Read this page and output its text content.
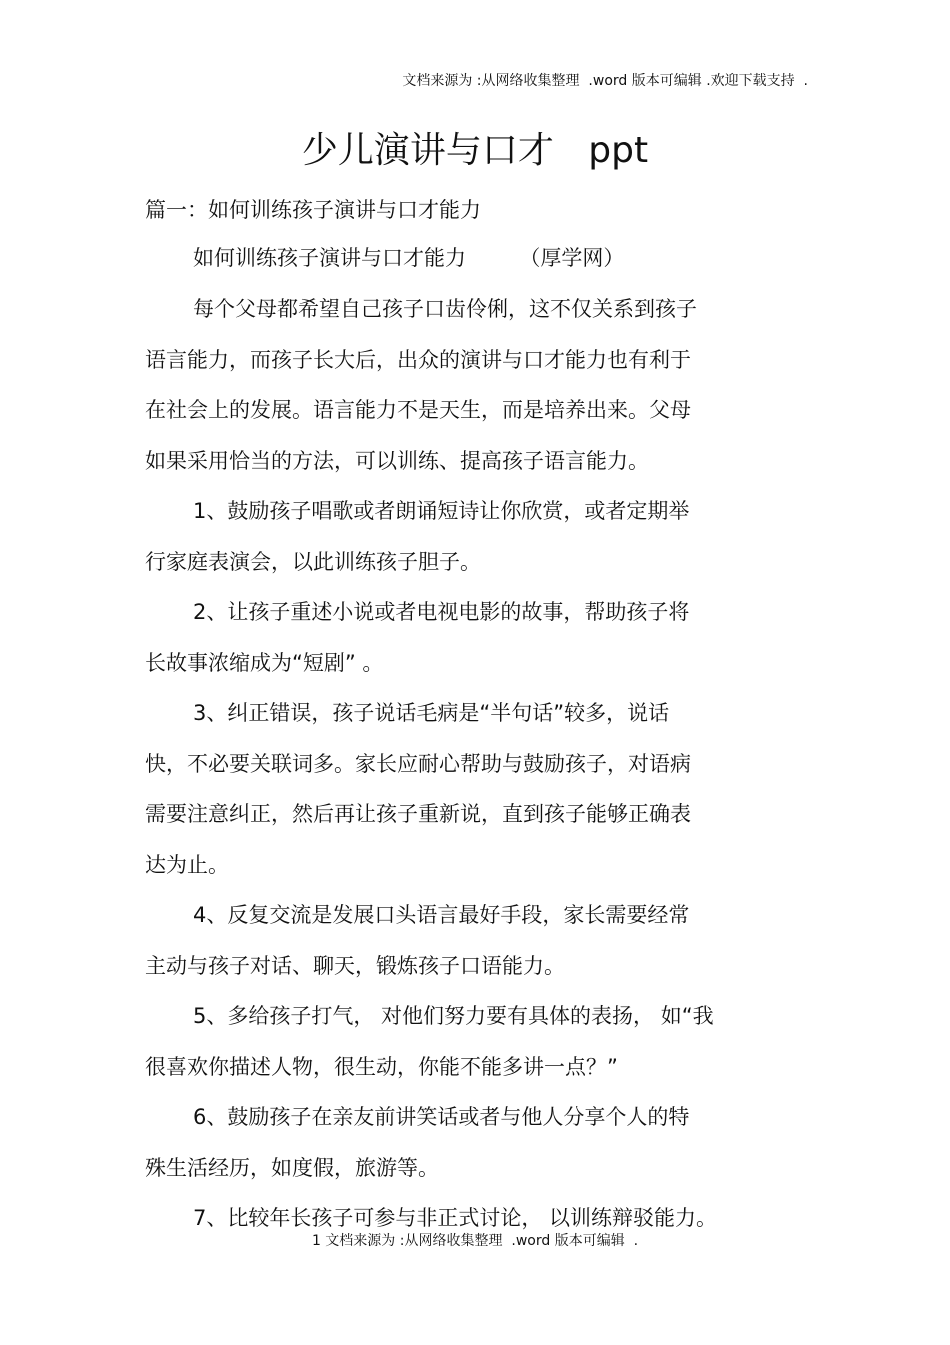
文档来源为 :从网络收集整理  .word 版本可编辑 .欢迎下载支持  .
少儿演讲与口才   ppt
篇一：如何训练孩子演讲与口才能力
如何训练孩子演讲与口才能力        （厚学网）

每个父母都希望自己孩子口齿伶俐，这不仅关系到孩子
语言能力，而孩子长大后，出众的演讲与口才能力也有利于
在社会上的发展。语言能力不是天生，而是培养出来。父母
如果采用恰当的方法，可以训练、提高孩子语言能力。

1、鼓励孩子唱歌或者朗诵短诗让你欣赏，或者定期举
行家庭表演会，以此训练孩子胆子。

2、让孩子重述小说或者电视电影的故事，帮助孩子将
长故事浓缩成为“短剧” 。

3、纠正错误，孩子说话毛病是“半句话”较多，说话
快，不必要关联词多。家长应耐心帮助与鼓励孩子，对语病
需要注意纠正，然后再让孩子重新说，直到孩子能够正确表
达为止。

4、反复交流是发展口头语言最好手段，家长需要经常
主动与孩子对话、聊天，锻炼孩子口语能力。

5、多给孩子打气， 对他们努力要有具体的表扬， 如“我
很喜欢你描述人物，很生动，你能不能多讲一点？”

6、鼓励孩子在亲友前讲笑话或者与他人分享个人的特
殊生活经历，如度假，旅游等。

7、比较年长孩子可参与非正式讨论， 以训练辩驳能力。

1 文档来源为 :从网络收集整理  .word 版本可编辑  .
